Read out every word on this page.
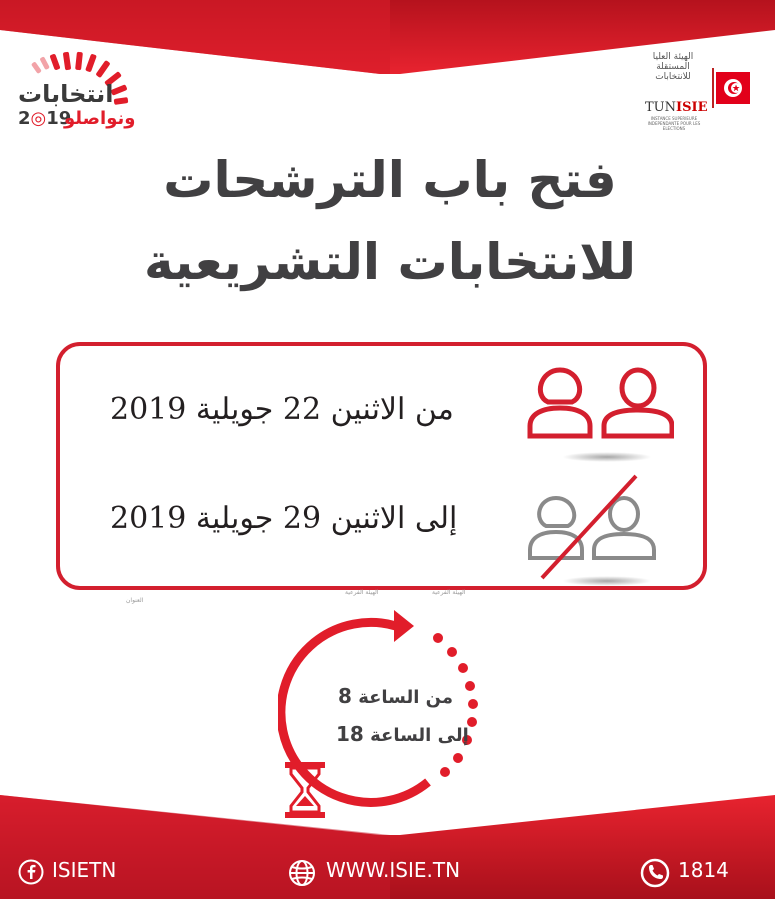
انتخابات
2◎19
ونواصلو
الهيئة العليا المستقلة للانتخابات
TUNISIE
INSTANCE SUPERIEURE INDEPENDANTE POUR LES ELECTIONS
فتح باب الترشحات
للانتخابات التشريعية
من الاثنين 22 جويلية 2019
إلى الاثنين 29 جويلية 2019
العنوان
الهيئة الفرعية	الهيئة الفرعية
من الساعة 8
إلى الساعة 18
ISIETN	WWW.ISIE.TN	1814
